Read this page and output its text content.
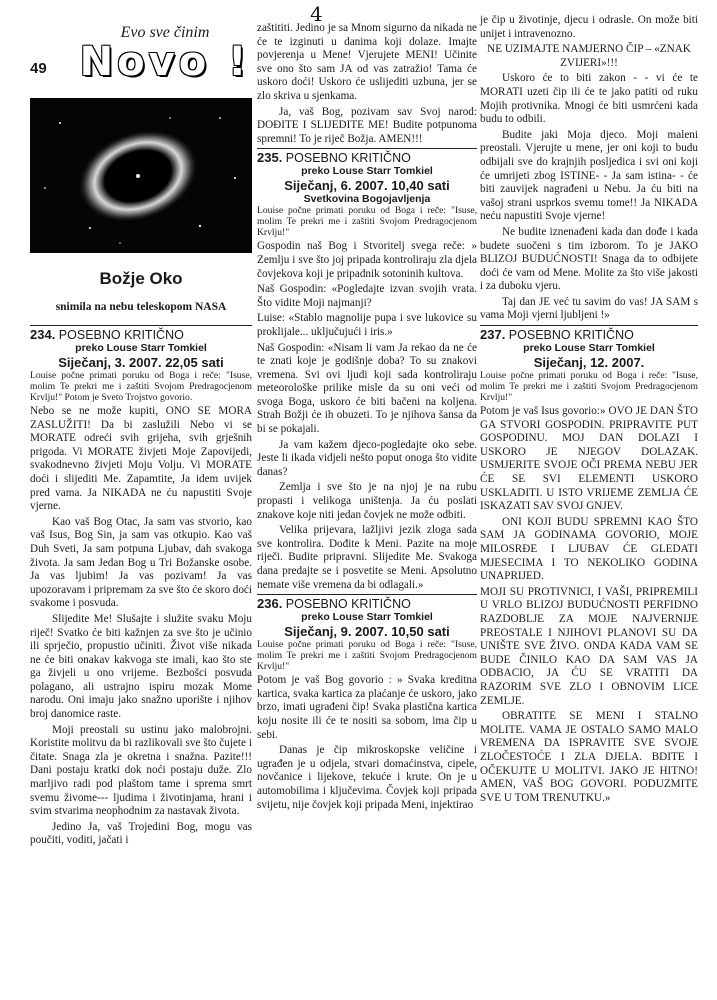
4
49
Evo sve činim
Novo !
Božje Oko
snimila na nebu teleskopom NASA
234. POSEBNO KRITIČNO
preko Louse Starr Tomkiel
Siječanj, 3. 2007. 22,05 sati

Louise počne primati poruku od Boga i reče: "Isuse, molim Te prekri me i zaštiti Svojom Predragocjenom Krvlju!" Potom je Sveto Trojstvo govorio.

Nebo se ne može kupiti, ONO SE MORA ZASLUŽITI! Da bi zaslužili Nebo vi se MORATE odreći svih grijeha, svih grješnih prigoda. Vi MORATE živjeti Moje Zapovijedi, svakodnevno živjeti Moju Volju. Vi MORATE doći i slijediti Me. Zapamtite, Ja idem uvijek pred vama. Ja NIKADA ne ću napustiti Svoje vjerne.

Kao vaš Bog Otac, Ja sam vas stvorio, kao vaš Isus, Bog Sin, ja sam vas otkupio. Kao vaš Duh Sveti, Ja sam potpuna Ljubav, dah svakoga života. Ja sam Jedan Bog u Tri Božanske osobe. Ja vas ljubim! Ja vas pozivam! Ja vas upozoravam i pripremam za sve što će skoro doći svakome i posvuda.

Slijedite Me! Slušajte i služite svaku Moju riječ! Svatko će biti kažnjen za sve što je učinio ili sprječio, propustio učiniti. Život više nikada ne će biti onakav kakvoga ste imali, kao što ste ga živjeli u ono vrijeme. Bezbošci posvuda polagano, ali ustrajno ispiru mozak Mome narodu. Oni imaju jako snažno uporište i njihov broj danomice raste.

Moji preostali su ustinu jako malobrojni. Koristite molitvu da bi razlikovali sve što čujete i čitate. Snaga zla je okretna i snažna. Pazite!!! Dani postaju kratki dok noći postaju duže. Zlo marljivo radi pod plaštom tame i sprema smrt svemu živome--- ljudima i životinjama, hrani i svim stvarima neophodnim za nastavak života.

Jedino Ja, vaš Trojedini Bog, mogu vas poučiti, voditi, jačati i

zaštititi. Jedino je sa Mnom sigurno da nikada ne će te izginuti u danima koji dolaze. Imajte povjerenja u Mene! Vjerujete MENI! Učinite sve ono što sam JA od vas zatražio! Tama će uskoro doći! Uskoro će uslijediti uzbuna, jer se zlo skriva u sjenkama.

Ja, vaš Bog, pozivam sav Svoj narod: DOĐITE I SLIJEDITE ME! Budite potpunoma spremni! To je riječ Božja. AMEN!!!

235. POSEBNO KRITIČNO
preko Louse Starr Tomkiel
Siječanj, 6. 2007. 10,40 sati
Svetkovina Bogojavljenja

Louise počne primati poruku od Boga i reče: "Isuse, molim Te prekri me i zaštiti Svojom Predragocjenom Krvlju!"

Gospodin naš Bog i Stvoritelj svega reče: » Zemlju i sve što joj pripada kontroliraju zla djela čovjekova koji je pripadnik sotoninih kultova.

Naš Gospodin: «Pogledajte izvan svojih vrata. Što vidite Moji najmanji?

Luise: «Stablo magnolije pupa i sve lukovice su proklijale... uključujući i iris.»

Naš Gospodin: «Nisam li vam Ja rekao da ne će te znati koje je godišnje doba? To su znakovi vremena. Svi ovi ljudi koji sada kontroliraju meteorološke prilike misle da su oni veći od svoga Boga, uskoro će biti bačeni na koljena. Strah Božji će ih obuzeti. To je njihova šansa da bi se pokajali.

Ja vam kažem djeco-pogledajte oko sebe. Jeste li ikada vidjeli nešto poput onoga što vidite danas?

Zemlja i sve što je na njoj je na rubu propasti i velikoga uništenja. Ja ću poslati znakove koje niti jedan čovjek ne može odbiti.

Velika prijevara, lažljivi jezik zloga sada sve kontrolira. Dođite k Meni. Pazite na moje riječi. Budite pripravni. Slijedite Me. Svakoga dana predajte se i posvetite se Meni. Apsolutno nemate više vremena da bi odlagali.»

236. POSEBNO KRITIČNO
preko Louse Starr Tomkiel
Siječanj, 9. 2007. 10,50 sati

Louise počne primati poruku od Boga i reče: "Isuse, molim Te prekri me i zaštiti Svojom Predragocjenom Krvlju!"

Potom je vaš Bog govorio : » Svaka kreditna kartica, svaka kartica za plaćanje će uskoro, jako brzo, imati ugrađeni čip! Svaka plastična kartica koju nosite ili će te nositi sa sobom, ima čip u sebi.

Danas je čip mikroskopske veličine i ugrađen je u odjela, stvari domaćinstva, cipele, novčanice i lijekove, tekuće i krute. On je u automobilima i ključevima. Čovjek koji pripada svijetu, nije čovjek koji pripada Meni, injektirao

je čip u životinje, djecu i odrasle. On može biti unijet i intravenozno.

NE UZIMAJTE NAMJERNO ČIP – «ZNAK ZVIJERI»!!!

Uskoro će to biti zakon - - vi će te MORATI uzeti čip ili će te jako patiti od ruku Mojih protivnika. Mnogi će biti usmrćeni kada budu to odbili.

Budite jaki Moja djeco. Moji maleni preostali. Vjerujte u mene, jer oni koji to budu odbijali sve do krajnjih posljedica i svi oni koji će umrijeti zbog ISTINE- - Ja sam istina- - će biti zauvijek nagrađeni u Nebu. Ja ću biti na vašoj strani usprkos svemu tome!! Ja NIKADA neću napustiti Svoje vjerne!

Ne budite iznenađeni kada dan dođe i kada budete suočeni s tim izborom. To je JAKO BLIZOJ BUDUĆNOSTI! Snaga da to odbijete doći će vam od Mene. Molite za što više jakosti i za duboku vjeru.

Taj dan JE već tu savim do vas! JA SAM s vama Moji vjerni ljubljeni !»

237. POSEBNO KRITIČNO
preko Louse Starr Tomkiel
Siječanj, 12. 2007.

Louise počne primati poruku od Boga i reče: "Isuse, molim Te prekri me i zaštiti Svojom Predragocjenom Krvlju!"

Potom je vaš Isus govorio:» OVO JE DAN ŠTO GA STVORI GOSPODIN. PRIPRAVITE PUT GOSPODINU. MOJ DAN DOLAZI I USKORO JE NJEGOV DOLAZAK. USMJERITE SVOJE OČI PREMA NEBU JER ĆE SE SVI ELEMENTI USKORO USKLADITI. U ISTO VRIJEME ZEMLJA ĆE ISKAZATI SAV SVOJ GNJEV.

ONI KOJI BUDU SPREMNI KAO ŠTO SAM JA GODINAMA GOVORIO, MOJE MILOSRĐE I LJUBAV ĆE GLEDATI MJESECIMA I TO NEKOLIKO GODINA UNAPRIJED.

MOJI SU PROTIVNICI, I VAŠI, PRIPREMILI U VRLO BLIZOJ BUDUĆNOSTI PERFIDNO RAZDOBLJE ZA MOJE NAJVERNIJE PREOSTALE I NJIHOVI PLANOVI SU DA UNIŠTE SVE ŽIVO. ONDA KADA VAM SE BUDE ČINILO KAO DA SAM VAS JA ODBACIO, JA ĆU SE VRATITI DA RAZORIM SVE ZLO I OBNOVIM LICE ZEMLJE.

OBRATITE SE MENI I STALNO MOLITE. VAMA JE OSTALO SAMO MALO VREMENA DA ISPRAVITE SVE SVOJE ZLOČESTOĆE I ZLA DJELA. BDITE I OČEKUJTE U MOLITVI. JAKO JE HITNO! AMEN, VAŠ BOG GOVORI. PODUZMITE SVE U TOM TRENUTKU.»
